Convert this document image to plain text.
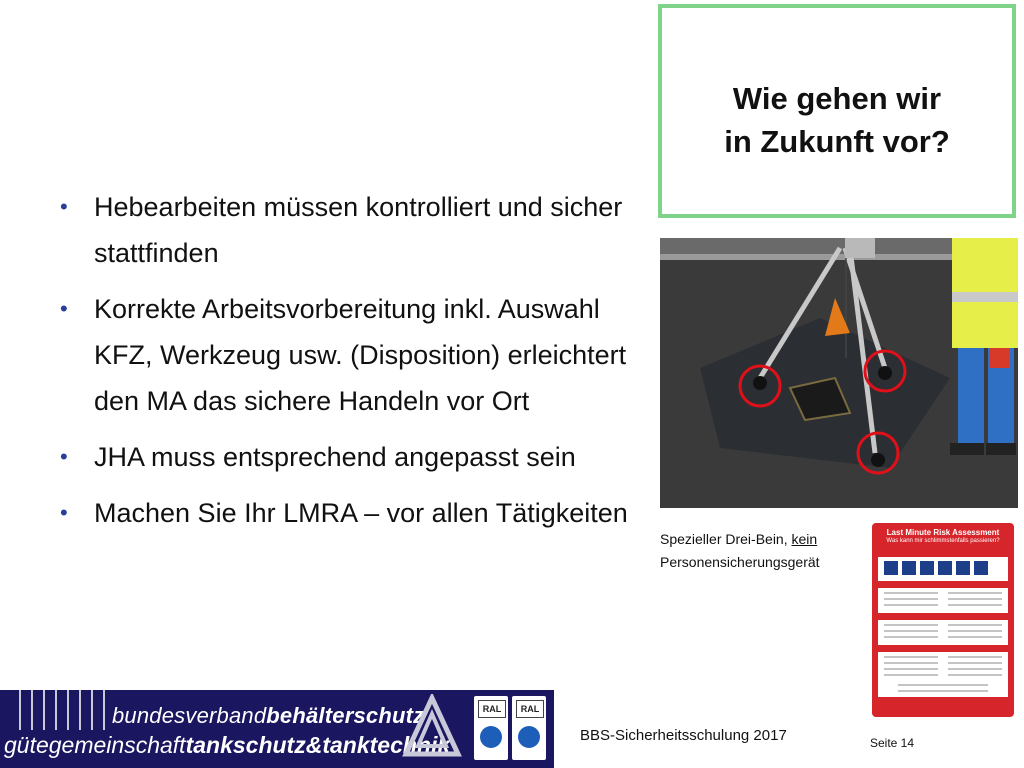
Wie gehen wir
in Zukunft vor?
• Hebearbeiten müssen kontrolliert und sicher stattfinden
• Korrekte Arbeitsvorbereitung inkl. Auswahl KFZ, Werkzeug usw. (Disposition) erleichtert den MA das sichere Handeln vor Ort
• JHA muss entsprechend angepasst sein
• Machen Sie Ihr LMRA – vor allen Tätigkeiten
Spezieller Drei-Bein, kein
Personensicherungsgerät
Last Minute Risk Assessment
Was kann mir schlimmstenfalls passieren?
bundesverbandbehälterschutz
gütegemeinschafttankschutz&tanktechnik
RAL	RAL
BBS-Sicherheitsschulung 2017	Seite 14
